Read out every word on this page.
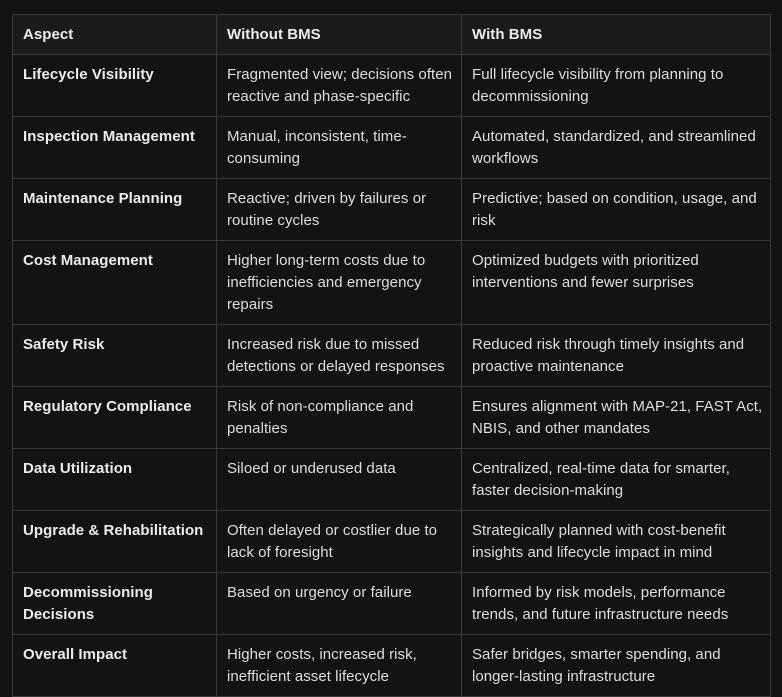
Aspect	Without BMS	With BMS
Lifecycle Visibility	Fragmented view; decisions often reactive and phase-specific	Full lifecycle visibility from planning to decommissioning
Inspection Management	Manual, inconsistent, time-consuming	Automated, standardized, and streamlined workflows
Maintenance Planning	Reactive; driven by failures or routine cycles	Predictive; based on condition, usage, and risk
Cost Management	Higher long-term costs due to inefficiencies and emergency repairs	Optimized budgets with prioritized interventions and fewer surprises
Safety Risk	Increased risk due to missed detections or delayed responses	Reduced risk through timely insights and proactive maintenance
Regulatory Compliance	Risk of non-compliance and penalties	Ensures alignment with MAP-21, FAST Act, NBIS, and other mandates
Data Utilization	Siloed or underused data	Centralized, real-time data for smarter, faster decision-making
Upgrade & Rehabilitation	Often delayed or costlier due to lack of foresight	Strategically planned with cost-benefit insights and lifecycle impact in mind
Decommissioning Decisions	Based on urgency or failure	Informed by risk models, performance trends, and future infrastructure needs
Overall Impact	Higher costs, increased risk, inefficient asset lifecycle	Safer bridges, smarter spending, and longer-lasting infrastructure
